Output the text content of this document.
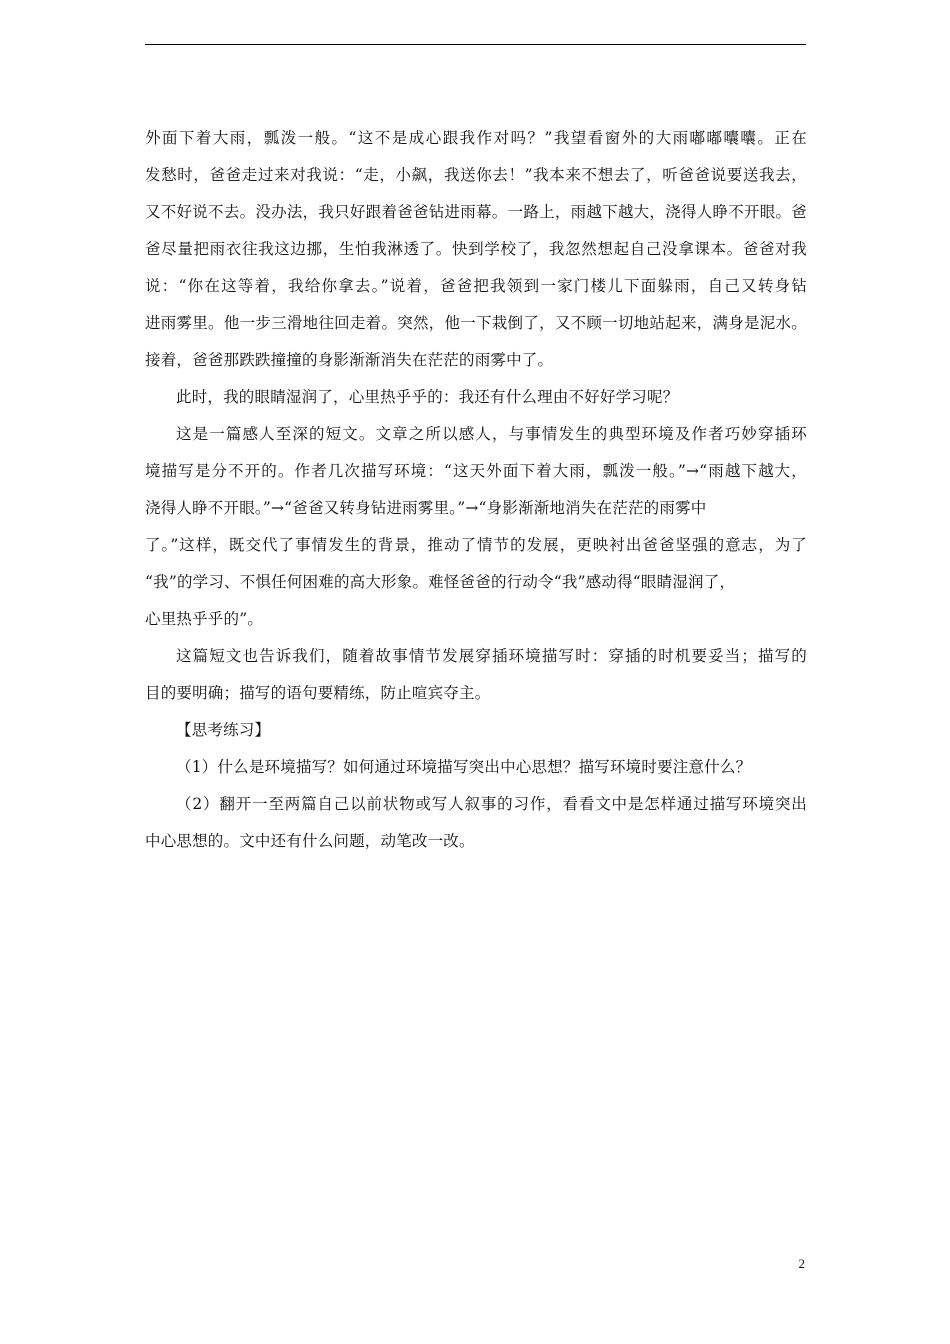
外面下着大雨，瓢泼一般。“这不是成心跟我作对吗？”我望看窗外的大雨嘟嘟囔囔。正在
发愁时，爸爸走过来对我说：“走，小飙，我送你去！”我本来不想去了，听爸爸说要送我去，
又不好说不去。没办法，我只好跟着爸爸钻进雨幕。一路上，雨越下越大，浇得人睁不开眼。爸
爸尽量把雨衣往我这边挪，生怕我淋透了。快到学校了，我忽然想起自己没拿课本。爸爸对我
说：“你在这等着，我给你拿去。”说着，爸爸把我领到一家门楼儿下面躲雨，自己又转身钻
进雨雾里。他一步三滑地往回走着。突然，他一下栽倒了，又不顾一切地站起来，满身是泥水。
接着，爸爸那跌跌撞撞的身影渐渐消失在茫茫的雨雾中了。

此时，我的眼睛湿润了，心里热乎乎的：我还有什么理由不好好学习呢？

这是一篇感人至深的短文。文章之所以感人，与事情发生的典型环境及作者巧妙穿插环
境描写是分不开的。作者几次描写环境：“这天外面下着大雨，瓢泼一般。”→“雨越下越大，
浇得人睁不开眼。”→“爸爸又转身钻进雨雾里。”→“身影渐渐地消失在茫茫的雨雾中
了。”这样，既交代了事情发生的背景，推动了情节的发展，更映衬出爸爸坚强的意志，为了
“我”的学习、不惧任何困难的高大形象。难怪爸爸的行动令“我”感动得“眼睛湿润了，
心里热乎乎的”。

这篇短文也告诉我们，随着故事情节发展穿插环境描写时：穿插的时机要妥当；描写的
目的要明确；描写的语句要精练，防止喧宾夺主。

【思考练习】

（1）什么是环境描写？如何通过环境描写突出中心思想？描写环境时要注意什么？

（2）翻开一至两篇自己以前状物或写人叙事的习作，看看文中是怎样通过描写环境突出
中心思想的。文中还有什么问题，动笔改一改。

2
